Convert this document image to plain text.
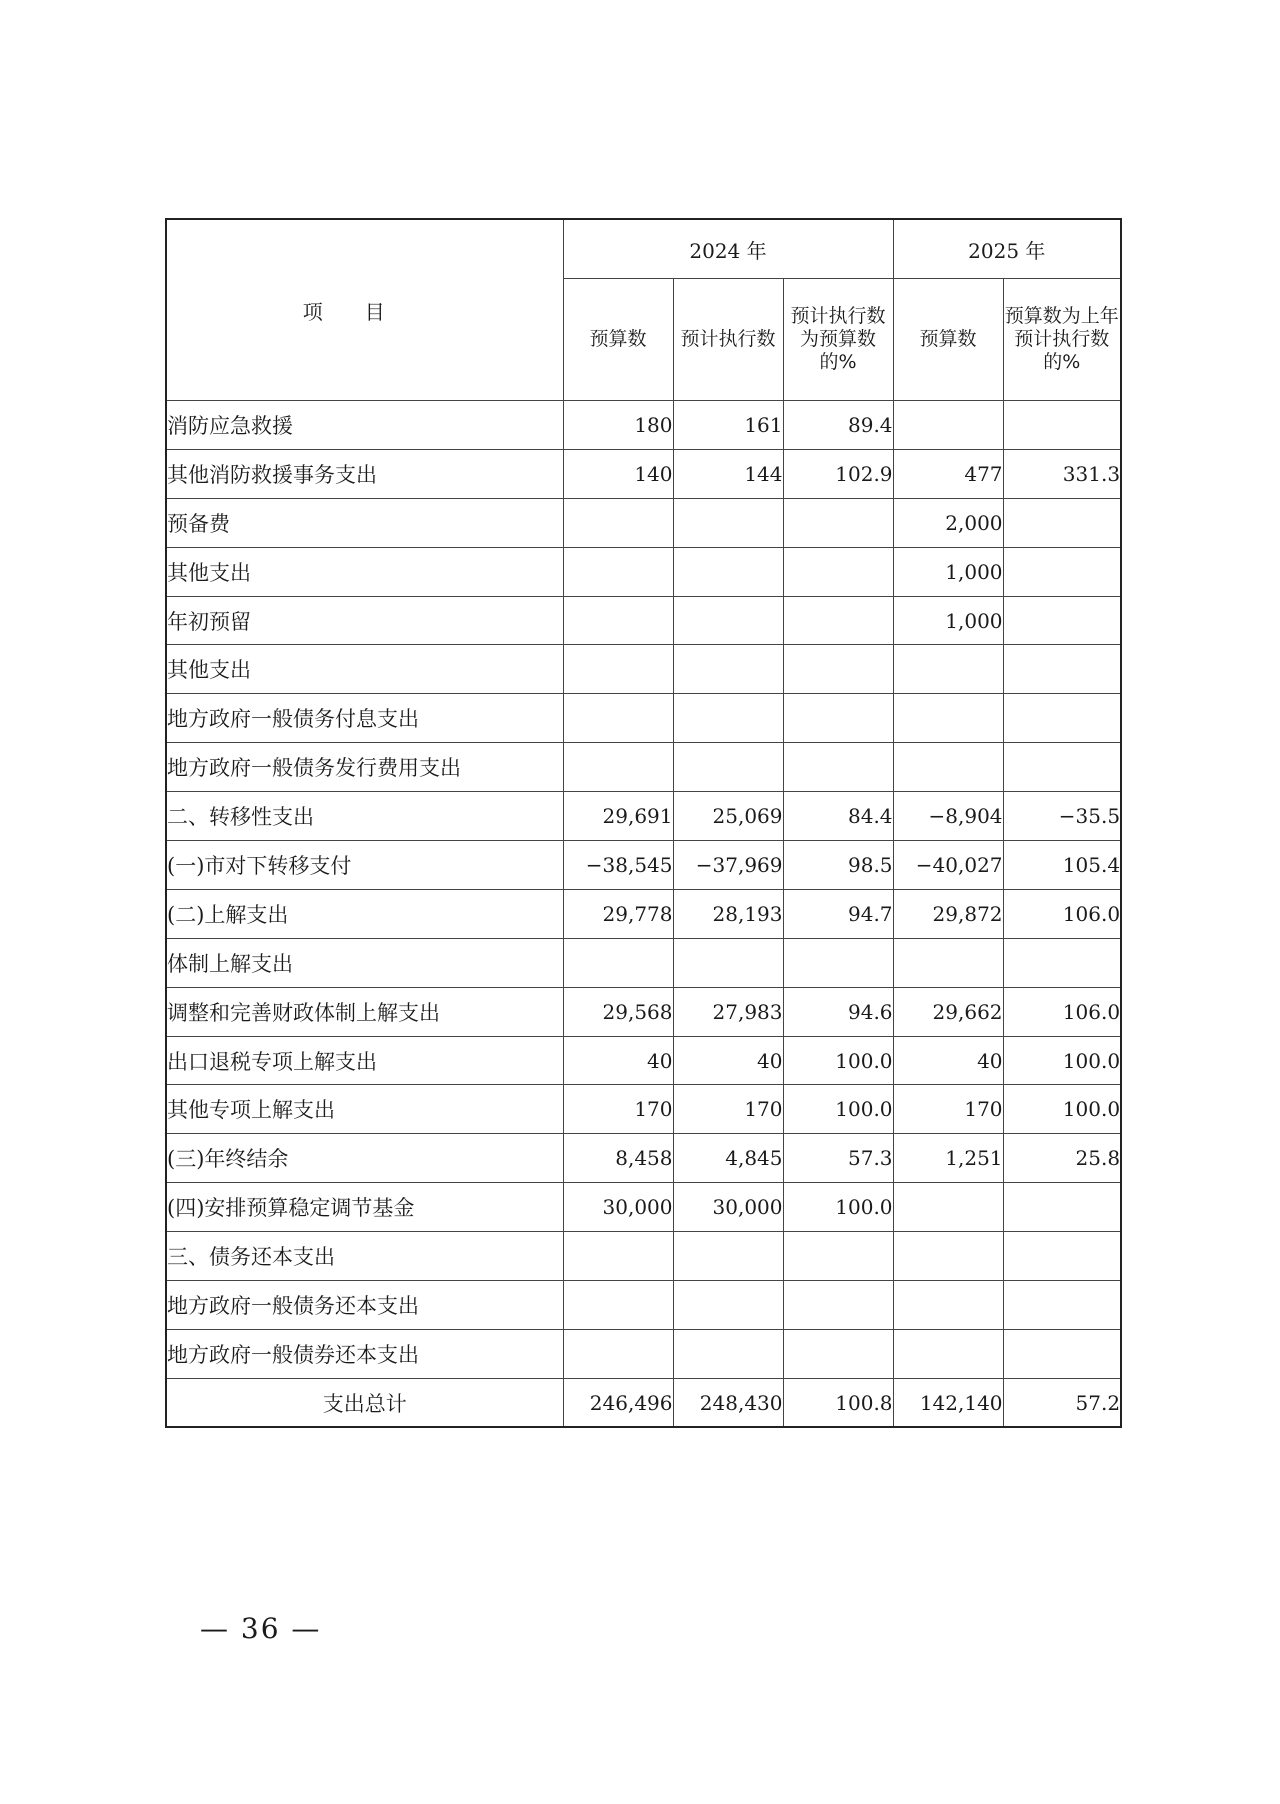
项目	2024 年			2025 年	
	预算数	预计执行数	预计执行数为预算数的%	预算数	预算数为上年预计执行数的%
消防应急救援	180	161	89.4		
其他消防救援事务支出	140	144	102.9	477	331.3
预备费				2,000	
其他支出				1,000	
年初预留				1,000	
其他支出					
地方政府一般债务付息支出					
地方政府一般债务发行费用支出					
二、转移性支出	29,691	25,069	84.4	−8,904	−35.5
(一)市对下转移支付	−38,545	−37,969	98.5	−40,027	105.4
(二)上解支出	29,778	28,193	94.7	29,872	106.0
体制上解支出					
调整和完善财政体制上解支出	29,568	27,983	94.6	29,662	106.0
出口退税专项上解支出	40	40	100.0	40	100.0
其他专项上解支出	170	170	100.0	170	100.0
(三)年终结余	8,458	4,845	57.3	1,251	25.8
(四)安排预算稳定调节基金	30,000	30,000	100.0		
三、债务还本支出					
地方政府一般债务还本支出					
地方政府一般债券还本支出					
支出总计	246,496	248,430	100.8	142,140	57.2
— 36 —
